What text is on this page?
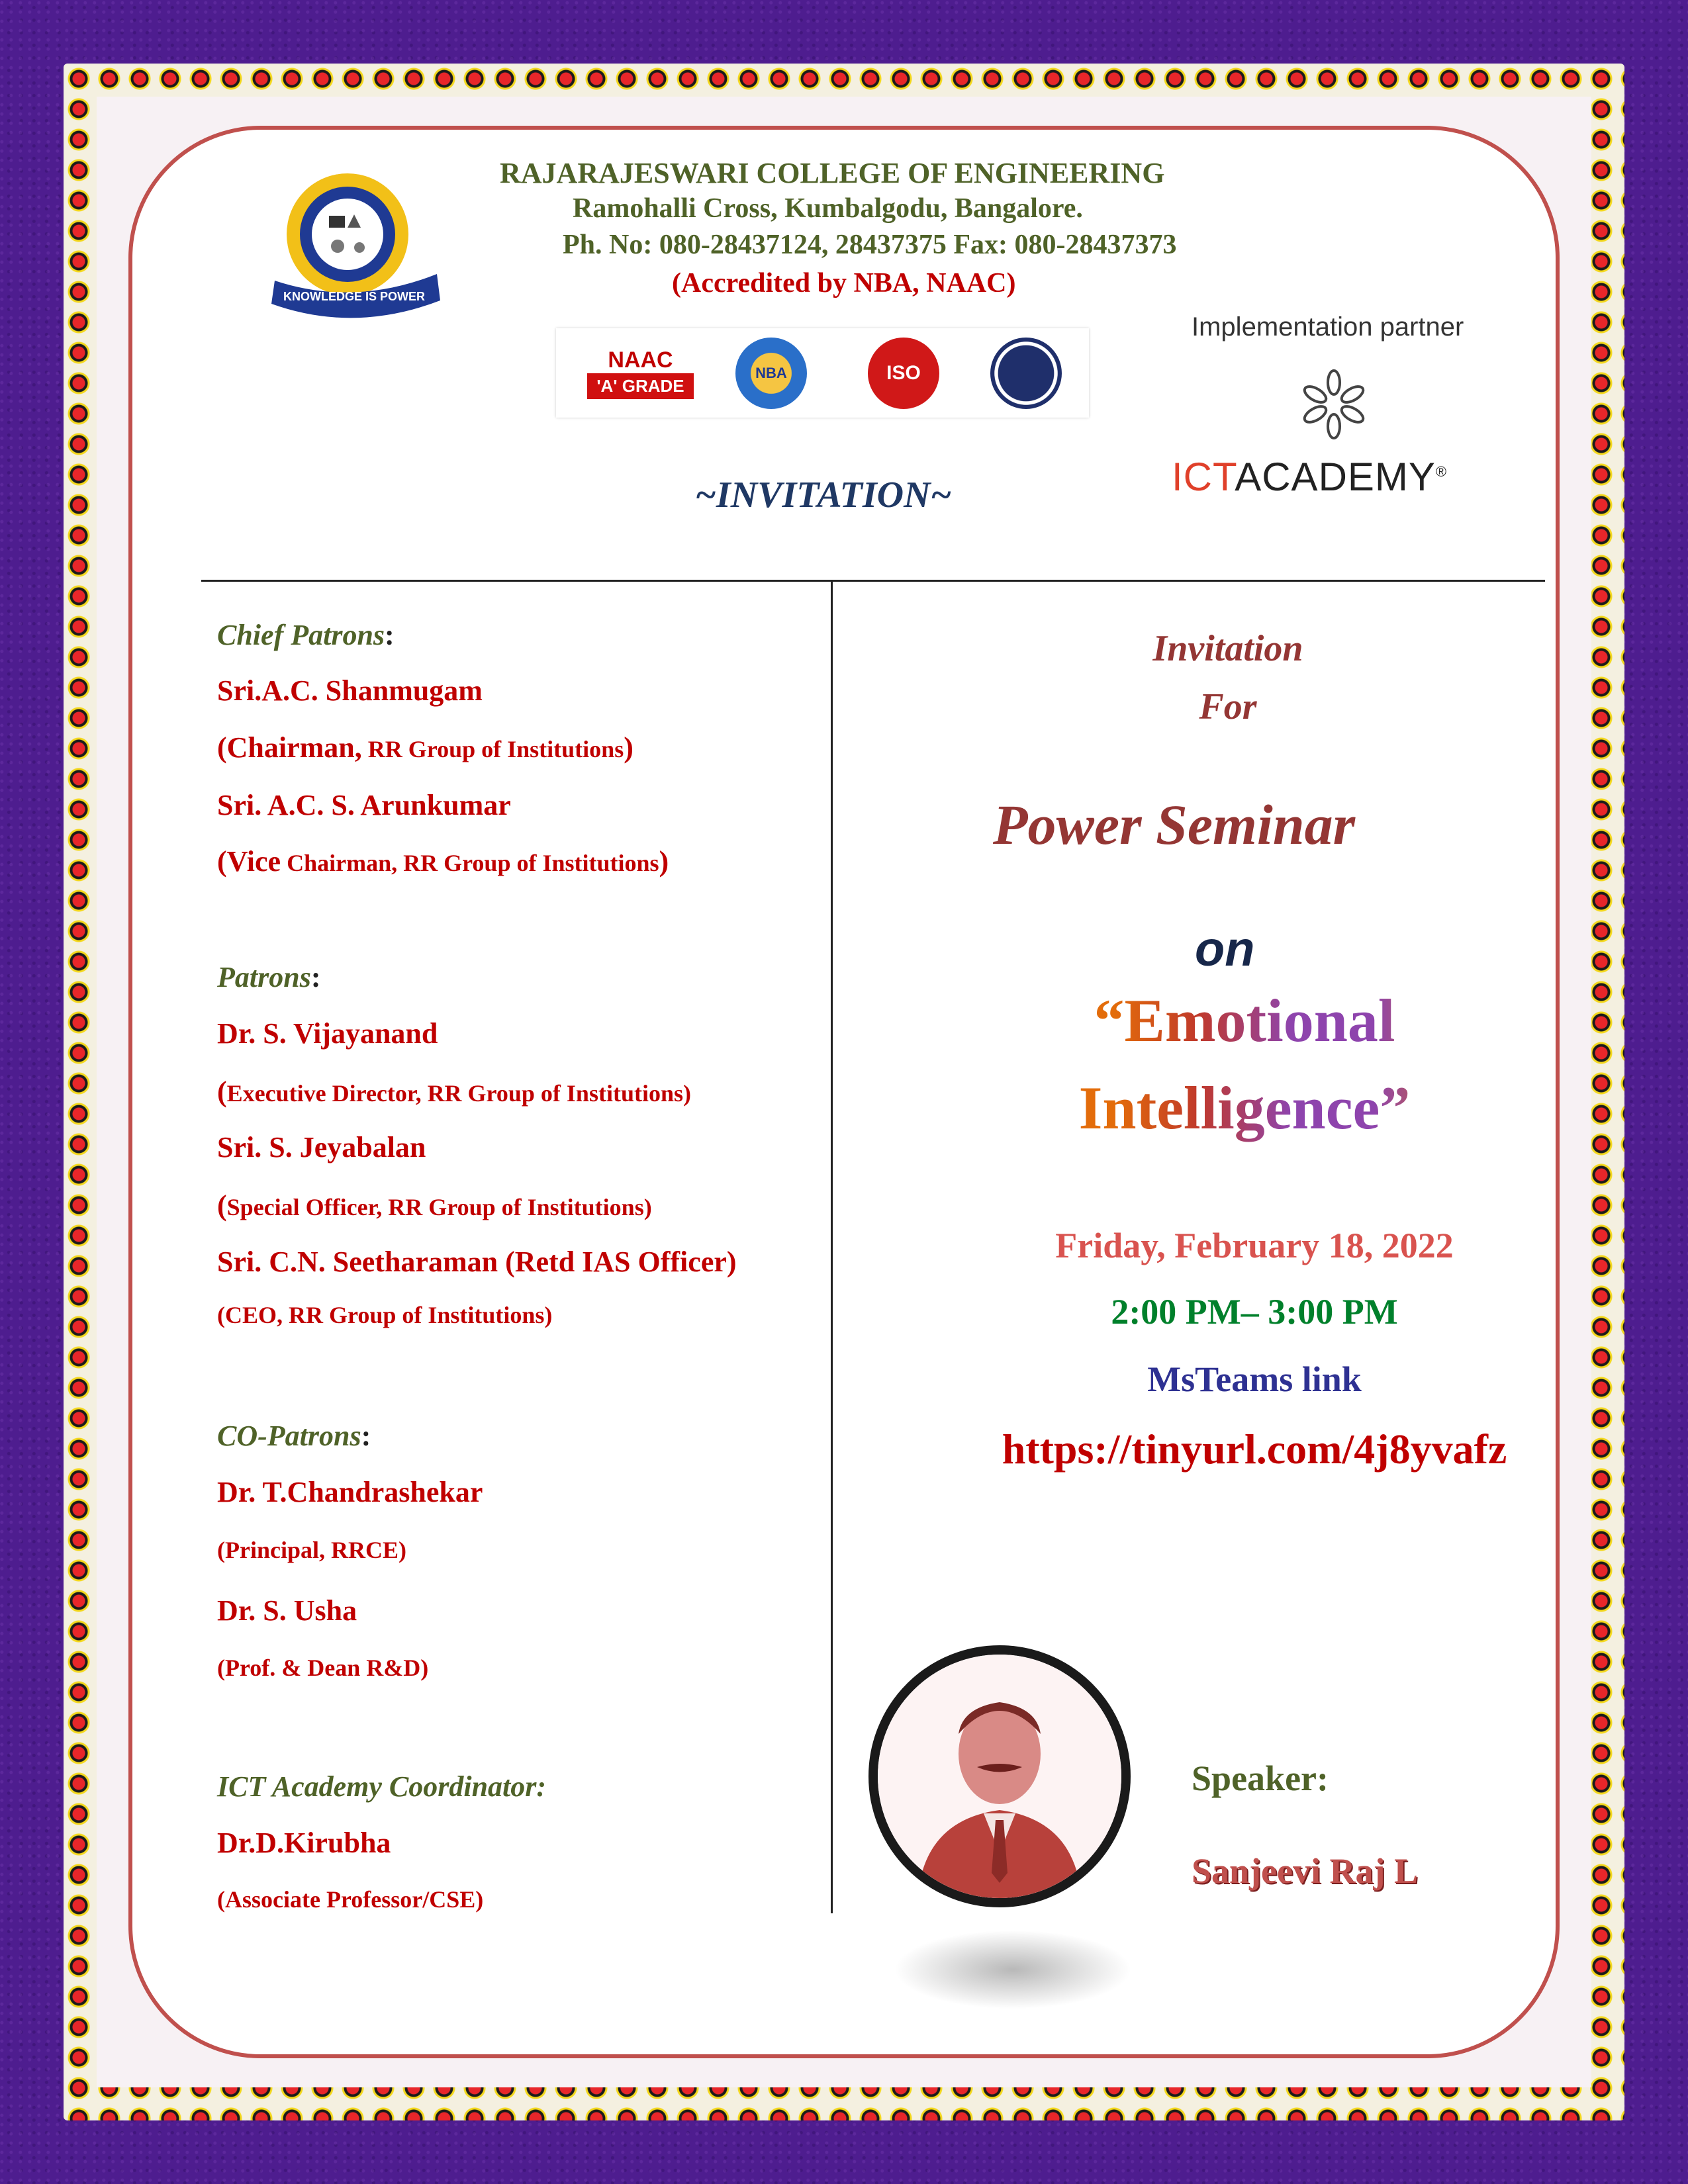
KNOWLEDGE IS POWER
RAJARAJESWARI COLLEGE OF ENGINEERING
Ramohalli Cross, Kumbalgodu, Bangalore.
Ph. No: 080-28437124, 28437375 Fax: 080-28437373
(Accredited by NBA, NAAC)
NAAC
'A' GRADE
NBA	ISO
Implementation partner
ICTACADEMY®
~INVITATION~
Chief Patrons:
Sri.A.C. Shanmugam
(Chairman, RR Group of Institutions)
Sri. A.C. S. Arunkumar
(Vice Chairman, RR Group of Institutions)
Patrons:
Dr. S. Vijayanand
(Executive Director, RR Group of Institutions)
Sri. S. Jeyabalan
(Special Officer, RR Group of Institutions)
Sri. C.N. Seetharaman (Retd IAS Officer)
(CEO, RR Group of Institutions)
CO-Patrons:
Dr. T.Chandrashekar
(Principal, RRCE)
Dr. S. Usha
(Prof. & Dean R&D)
ICT Academy Coordinator:
Dr.D.Kirubha
(Associate Professor/CSE)
Invitation
For
Power Seminar
on
“Emotional
Intelligence”
Friday, February 18, 2022
2:00 PM– 3:00 PM
MsTeams link
https://tinyurl.com/4j8yvafz
Speaker:
Sanjeevi Raj L
